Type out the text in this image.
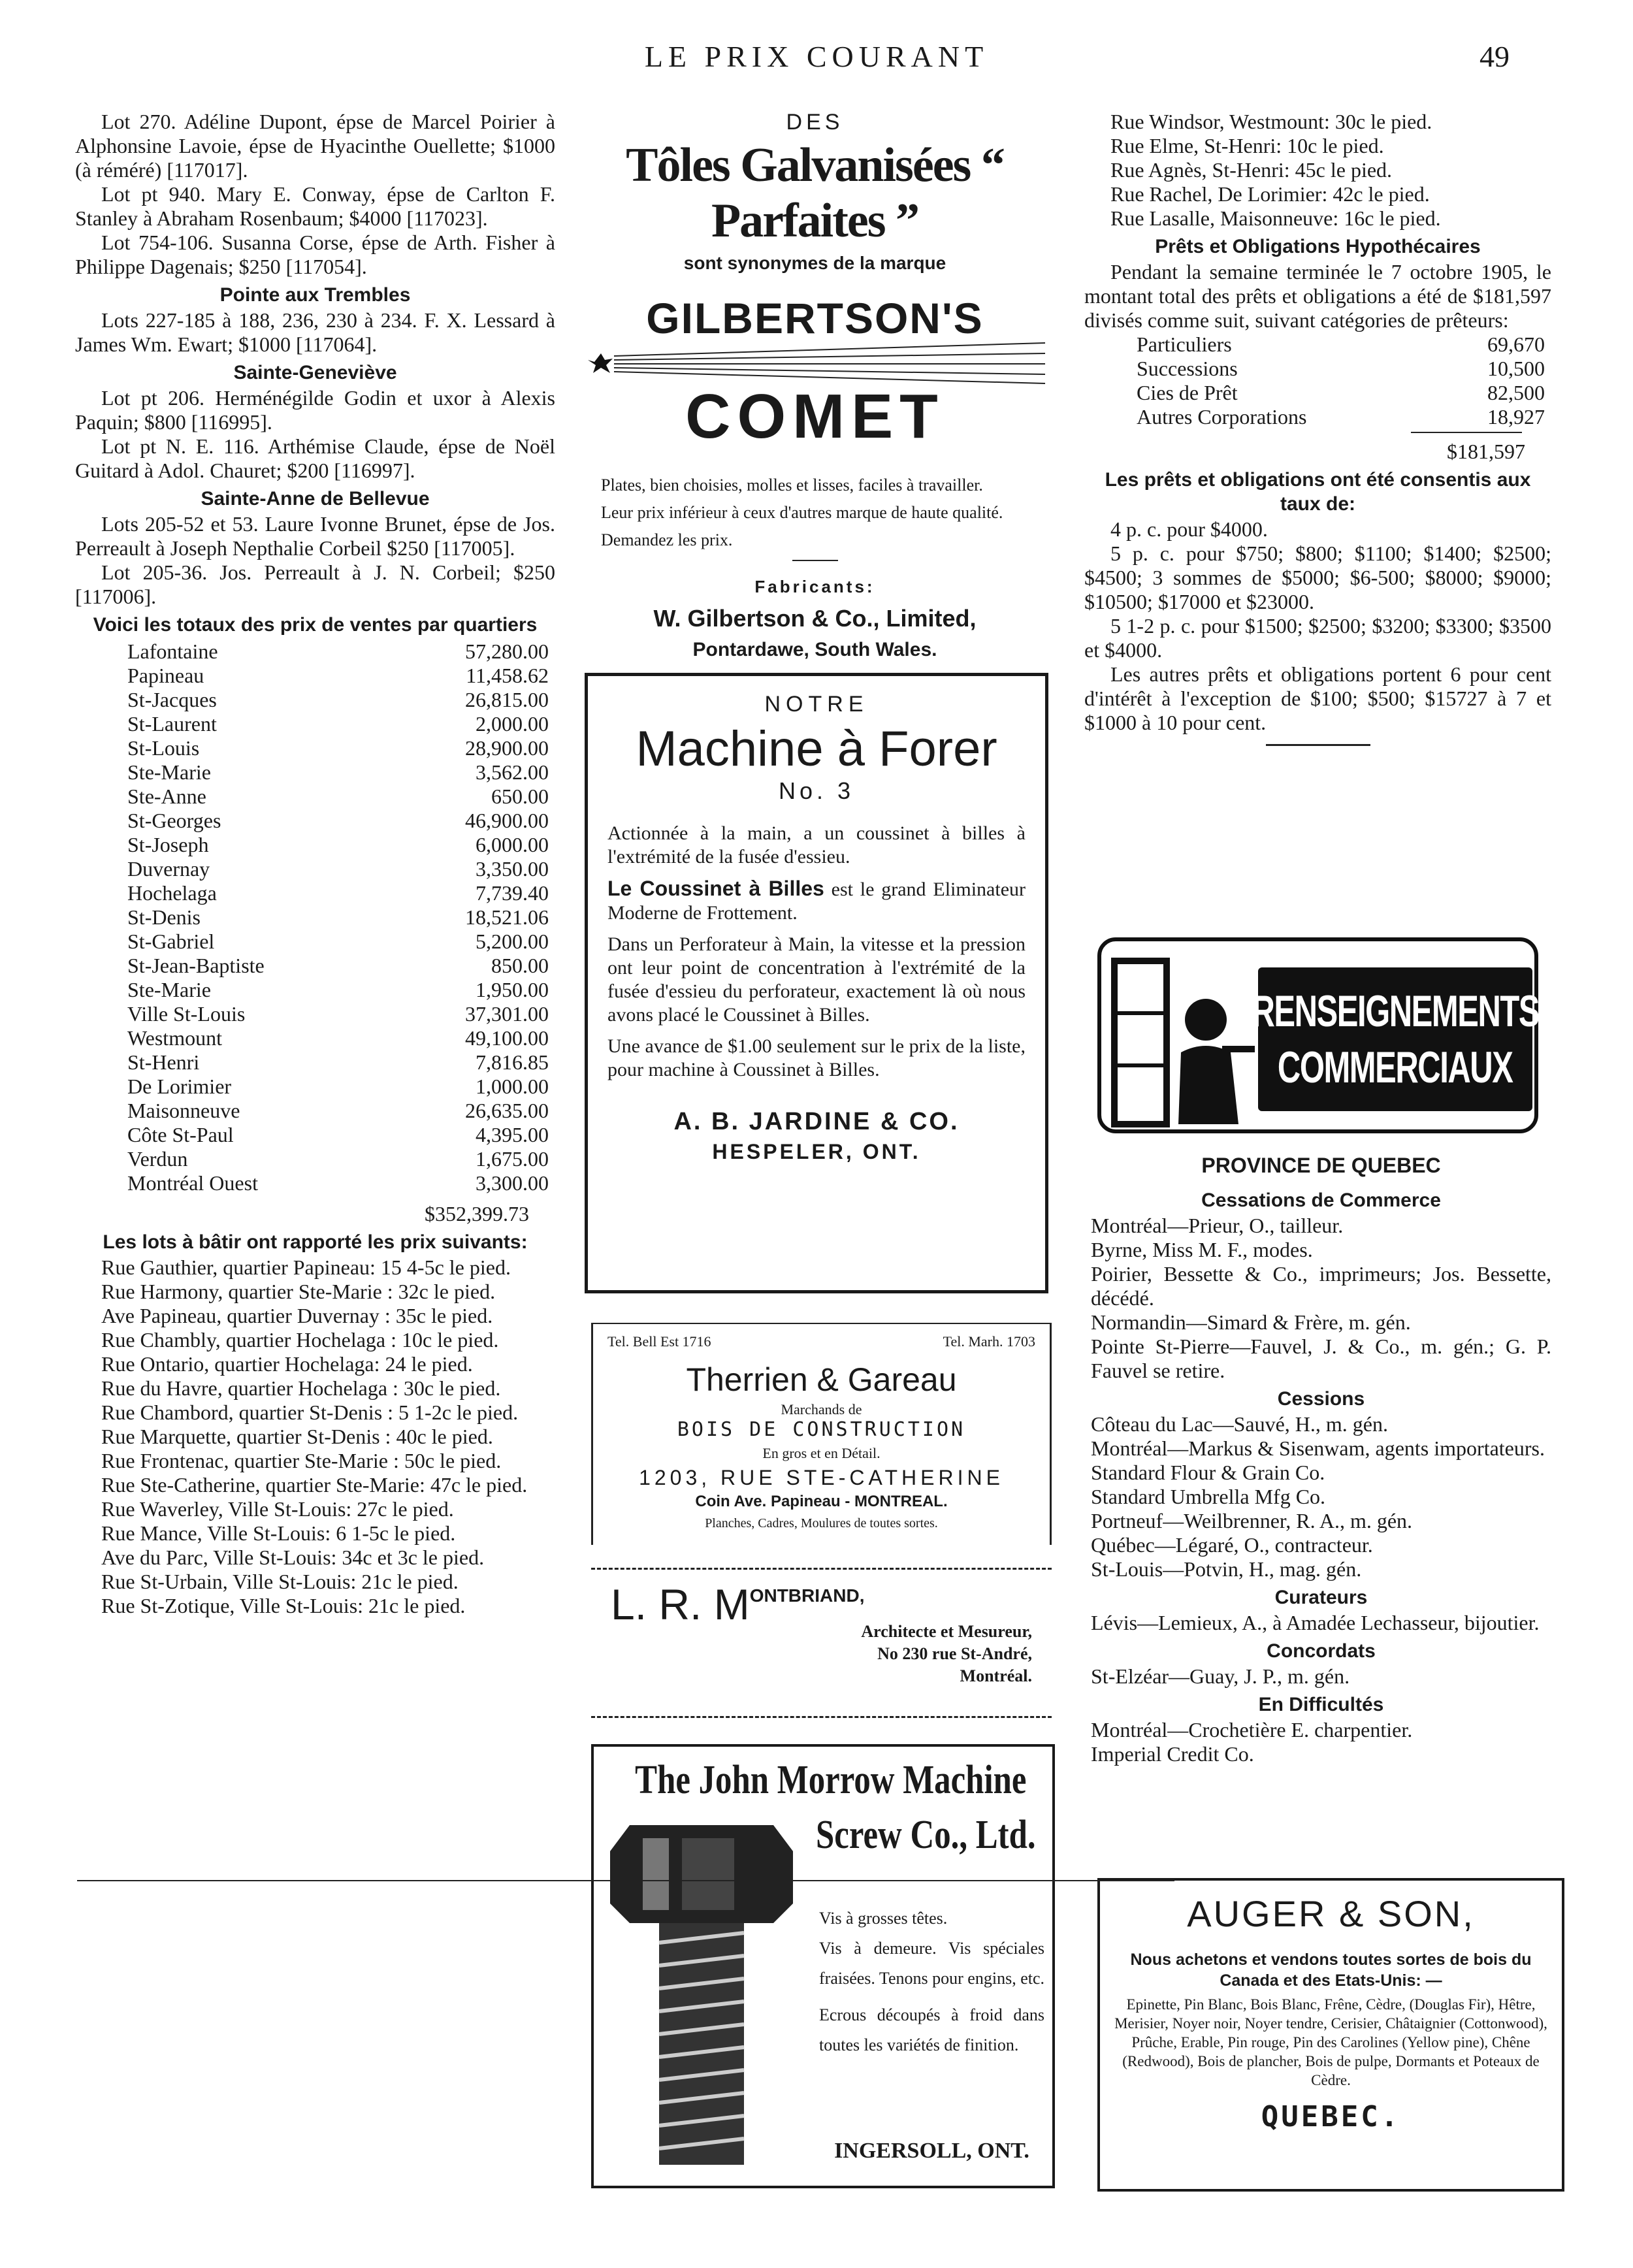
LE PRIX COURANT	49

Lot 270. Adéline Dupont, épse de Marcel Poirier à Alphonsine Lavoie, épse de Hyacinthe Ouellette; $1000 (à réméré) [117017].

Lot pt 940. Mary E. Conway, épse de Carlton F. Stanley à Abraham Rosenbaum; $4000 [117023].

Lot 754-106. Susanna Corse, épse de Arth. Fisher à Philippe Dagenais; $250 [117054].

Pointe aux Trembles

Lots 227-185 à 188, 236, 230 à 234. F. X. Lessard à James Wm. Ewart; $1000 [117064].

Sainte-Geneviève

Lot pt 206. Herménégilde Godin et uxor à Alexis Paquin; $800 [116995].

Lot pt N. E. 116. Arthémise Claude, épse de Noël Guitard à Adol. Chauret; $200 [116997].

Sainte-Anne de Bellevue

Lots 205-52 et 53. Laure Ivonne Brunet, épse de Jos. Perreault à Joseph Nepthalie Corbeil $250 [117005].

Lot 205-36. Jos. Perreault à J. N. Corbeil; $250 [117006].

Voici les totaux des prix de ventes par quartiers
Lafontaine	57,280.00
Papineau	11,458.62
St-Jacques	26,815.00
St-Laurent	2,000.00
St-Louis	28,900.00
Ste-Marie	3,562.00
Ste-Anne	650.00
St-Georges	46,900.00
St-Joseph	6,000.00
Duvernay	3,350.00
Hochelaga	7,739.40
St-Denis	18,521.06
St-Gabriel	5,200.00
St-Jean-Baptiste	850.00
Ste-Marie	1,950.00
Ville St-Louis	37,301.00
Westmount	49,100.00
St-Henri	7,816.85
De Lorimier	1,000.00
Maisonneuve	26,635.00
Côte St-Paul	4,395.00
Verdun	1,675.00
Montréal Ouest	3,300.00
$352,399.73
Les lots à bâtir ont rapporté les prix suivants:

Rue Gauthier, quartier Papineau: 15 4-5c le pied.

Rue Harmony, quartier Ste-Marie : 32c le pied.

Ave Papineau, quartier Duvernay : 35c le pied.

Rue Chambly, quartier Hochelaga : 10c le pied.

Rue Ontario, quartier Hochelaga: 24 le pied.

Rue du Havre, quartier Hochelaga : 30c le pied.

Rue Chambord, quartier St-Denis : 5 1-2c le pied.

Rue Marquette, quartier St-Denis : 40c le pied.

Rue Frontenac, quartier Ste-Marie : 50c le pied.

Rue Ste-Catherine, quartier Ste-Marie: 47c le pied.

Rue Waverley, Ville St-Louis: 27c le pied.

Rue Mance, Ville St-Louis: 6 1-5c le pied.

Ave du Parc, Ville St-Louis: 34c et 3c le pied.

Rue St-Urbain, Ville St-Louis: 21c le pied.

Rue St-Zotique, Ville St-Louis: 21c le pied.

DES
Tôles Galvanisées “ Parfaites ”
sont synonymes de la marque
GILBERTSON'S
COMET
Plates, bien choisies, molles et lisses, faciles à travailler.
Leur prix inférieur à ceux d'autres marque de haute qualité.
Demandez les prix.
Fabricants:
W. Gilbertson & Co., Limited,
Pontardawe, South Wales.
NOTRE
Machine à Forer
No. 3
Actionnée à la main, a un coussinet à billes à l'extrémité de la fusée d'essieu.
Le Coussinet à Billes est le grand Eliminateur Moderne de Frottement.
Dans un Perforateur à Main, la vitesse et la pression ont leur point de concentration à l'extrémité de la fusée d'essieu du perforateur, exactement là où nous avons placé le Coussinet à Billes.
Une avance de $1.00 seulement sur le prix de la liste, pour machine à Coussinet à Billes.
A. B. JARDINE & CO.
HESPELER, ONT.
Tel. Bell Est 1716	Tel. Marh. 1703
Therrien & Gareau
Marchands de
BOIS DE CONSTRUCTION
En gros et en Détail.
1203, RUE STE-CATHERINE
Coin Ave. Papineau - MONTREAL.
Planches, Cadres, Moulures de toutes sortes.
L. R. M ONTBRIAND,
Architecte et Mesureur,
No 230 rue St-André,
Montréal.
The John Morrow Machine
Screw Co., Ltd.
Vis à grosses têtes.
Vis à demeure. Vis spéciales fraisées. Tenons pour engins, etc.
Ecrous découpés à froid dans toutes les variétés de finition.
INGERSOLL, ONT.

Rue Windsor, Westmount: 30c le pied.

Rue Elme, St-Henri: 10c le pied.

Rue Agnès, St-Henri: 45c le pied.

Rue Rachel, De Lorimier: 42c le pied.

Rue Lasalle, Maisonneuve: 16c le pied.

Prêts et Obligations Hypothécaires

Pendant la semaine terminée le 7 octobre 1905, le montant total des prêts et obligations a été de $181,597 divisés comme suit, suivant catégories de prêteurs:

Particuliers	69,670
Successions	10,500
Cies de Prêt	82,500
Autres Corporations	18,927
$181,597
Les prêts et obligations ont été consentis aux taux de:

4 p. c. pour $4000.

5 p. c. pour $750; $800; $1100; $1400; $2500; $4500; 3 sommes de $5000; $6-500; $8000; $9000; $10500; $17000 et $23000.

5 1-2 p. c. pour $1500; $2500; $3200; $3300; $3500 et $4000.

Les autres prêts et obligations portent 6 pour cent d'intérêt à l'exception de $100; $500; $15727 à 7 et $1000 à 10 pour cent.

RENSEIGNEMENTS
COMMERCIAUX
PROVINCE DE QUEBEC
Cessations de Commerce

Montréal—Prieur, O., tailleur.

Byrne, Miss M. F., modes.

Poirier, Bessette & Co., imprimeurs; Jos. Bessette, décédé.

Normandin—Simard & Frère, m. gén.

Pointe St-Pierre—Fauvel, J. & Co., m. gén.; G. P. Fauvel se retire.

Cessions

Côteau du Lac—Sauvé, H., m. gén.

Montréal—Markus & Sisenwam, agents importateurs.

Standard Flour & Grain Co.

Standard Umbrella Mfg Co.

Portneuf—Weilbrenner, R. A., m. gén.

Québec—Légaré, O., contracteur.

St-Louis—Potvin, H., mag. gén.

Curateurs

Lévis—Lemieux, A., à Amadée Lechasseur, bijoutier.

Concordats

St-Elzéar—Guay, J. P., m. gén.

En Difficultés

Montréal—Crochetière E. charpentier.

Imperial Credit Co.

AUGER & SON,
Nous achetons et vendons toutes sortes de bois du Canada et des Etats-Unis: —
Epinette, Pin Blanc, Bois Blanc, Frêne, Cèdre, (Douglas Fir), Hêtre, Merisier, Noyer noir, Noyer tendre, Cerisier, Châtaignier (Cottonwood), Prûche, Erable, Pin rouge, Pin des Carolines (Yellow pine), Chêne (Redwood), Bois de plancher, Bois de pulpe, Dormants et Poteaux de Cèdre.
QUEBEC.
